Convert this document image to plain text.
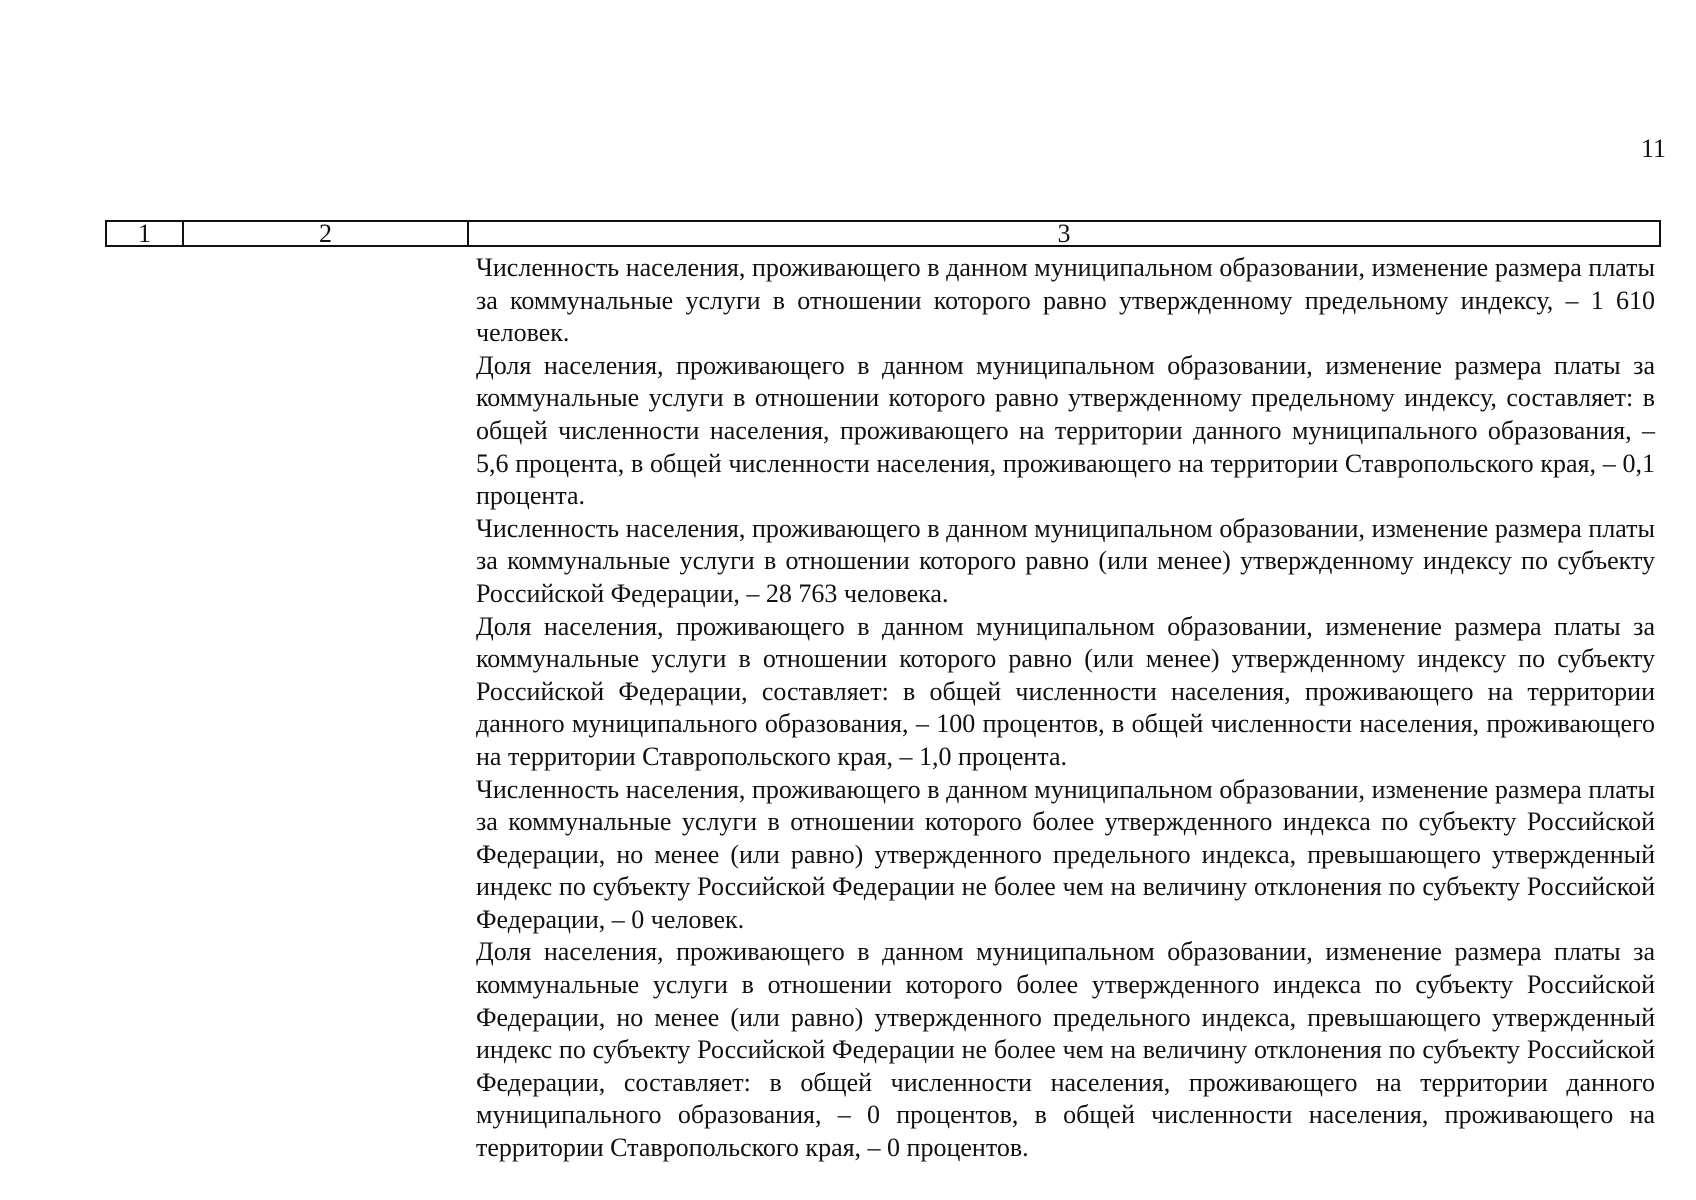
11
1	2	3

Численность населения, проживающего в данном муниципальном образовании, изменение размера платы за коммунальные услуги в отношении которого равно утвержденному предельному индексу, – 1 610 человек.

Доля населения, проживающего в данном муниципальном образовании, изменение размера платы за коммунальные услуги в отношении которого равно утвержденному предельному индексу, составляет: в общей численности населения, проживающего на территории данного муниципального образования, – 5,6 процента, в общей численности населения, проживающего на территории Ставропольского края, – 0,1 процента.

Численность населения, проживающего в данном муниципальном образовании, изменение размера платы за коммунальные услуги в отношении которого равно (или менее) утвержденному индексу по субъекту Российской Федерации, – 28 763 человека.

Доля населения, проживающего в данном муниципальном образовании, изменение размера платы за коммунальные услуги в отношении которого равно (или менее) утвержденному индексу по субъекту Российской Федерации, составляет: в общей численности населения, проживающего на территории данного муниципального образования, – 100 процентов, в общей численности населения, проживающего на территории Ставропольского края, – 1,0 процента.

Численность населения, проживающего в данном муниципальном образовании, изменение размера платы за коммунальные услуги в отношении которого более утвержденного индекса по субъекту Российской Федерации, но менее (или равно) утвержденного предельного индекса, превышающего утвержденный индекс по субъекту Российской Федерации не более чем на величину отклонения по субъекту Российской Федерации, – 0 человек.

Доля населения, проживающего в данном муниципальном образовании, изменение размера платы за коммунальные услуги в отношении которого более утвержденного индекса по субъекту Российской Федерации, но менее (или равно) утвержденного предельного индекса, превышающего утвержденный индекс по субъекту Российской Федерации не более чем на величину отклонения по субъекту Российской Федерации, составляет: в общей численности населения, проживающего на территории данного муниципального образования, – 0 процентов, в общей численности населения, проживающего на территории Ставропольского края, – 0 процентов.
